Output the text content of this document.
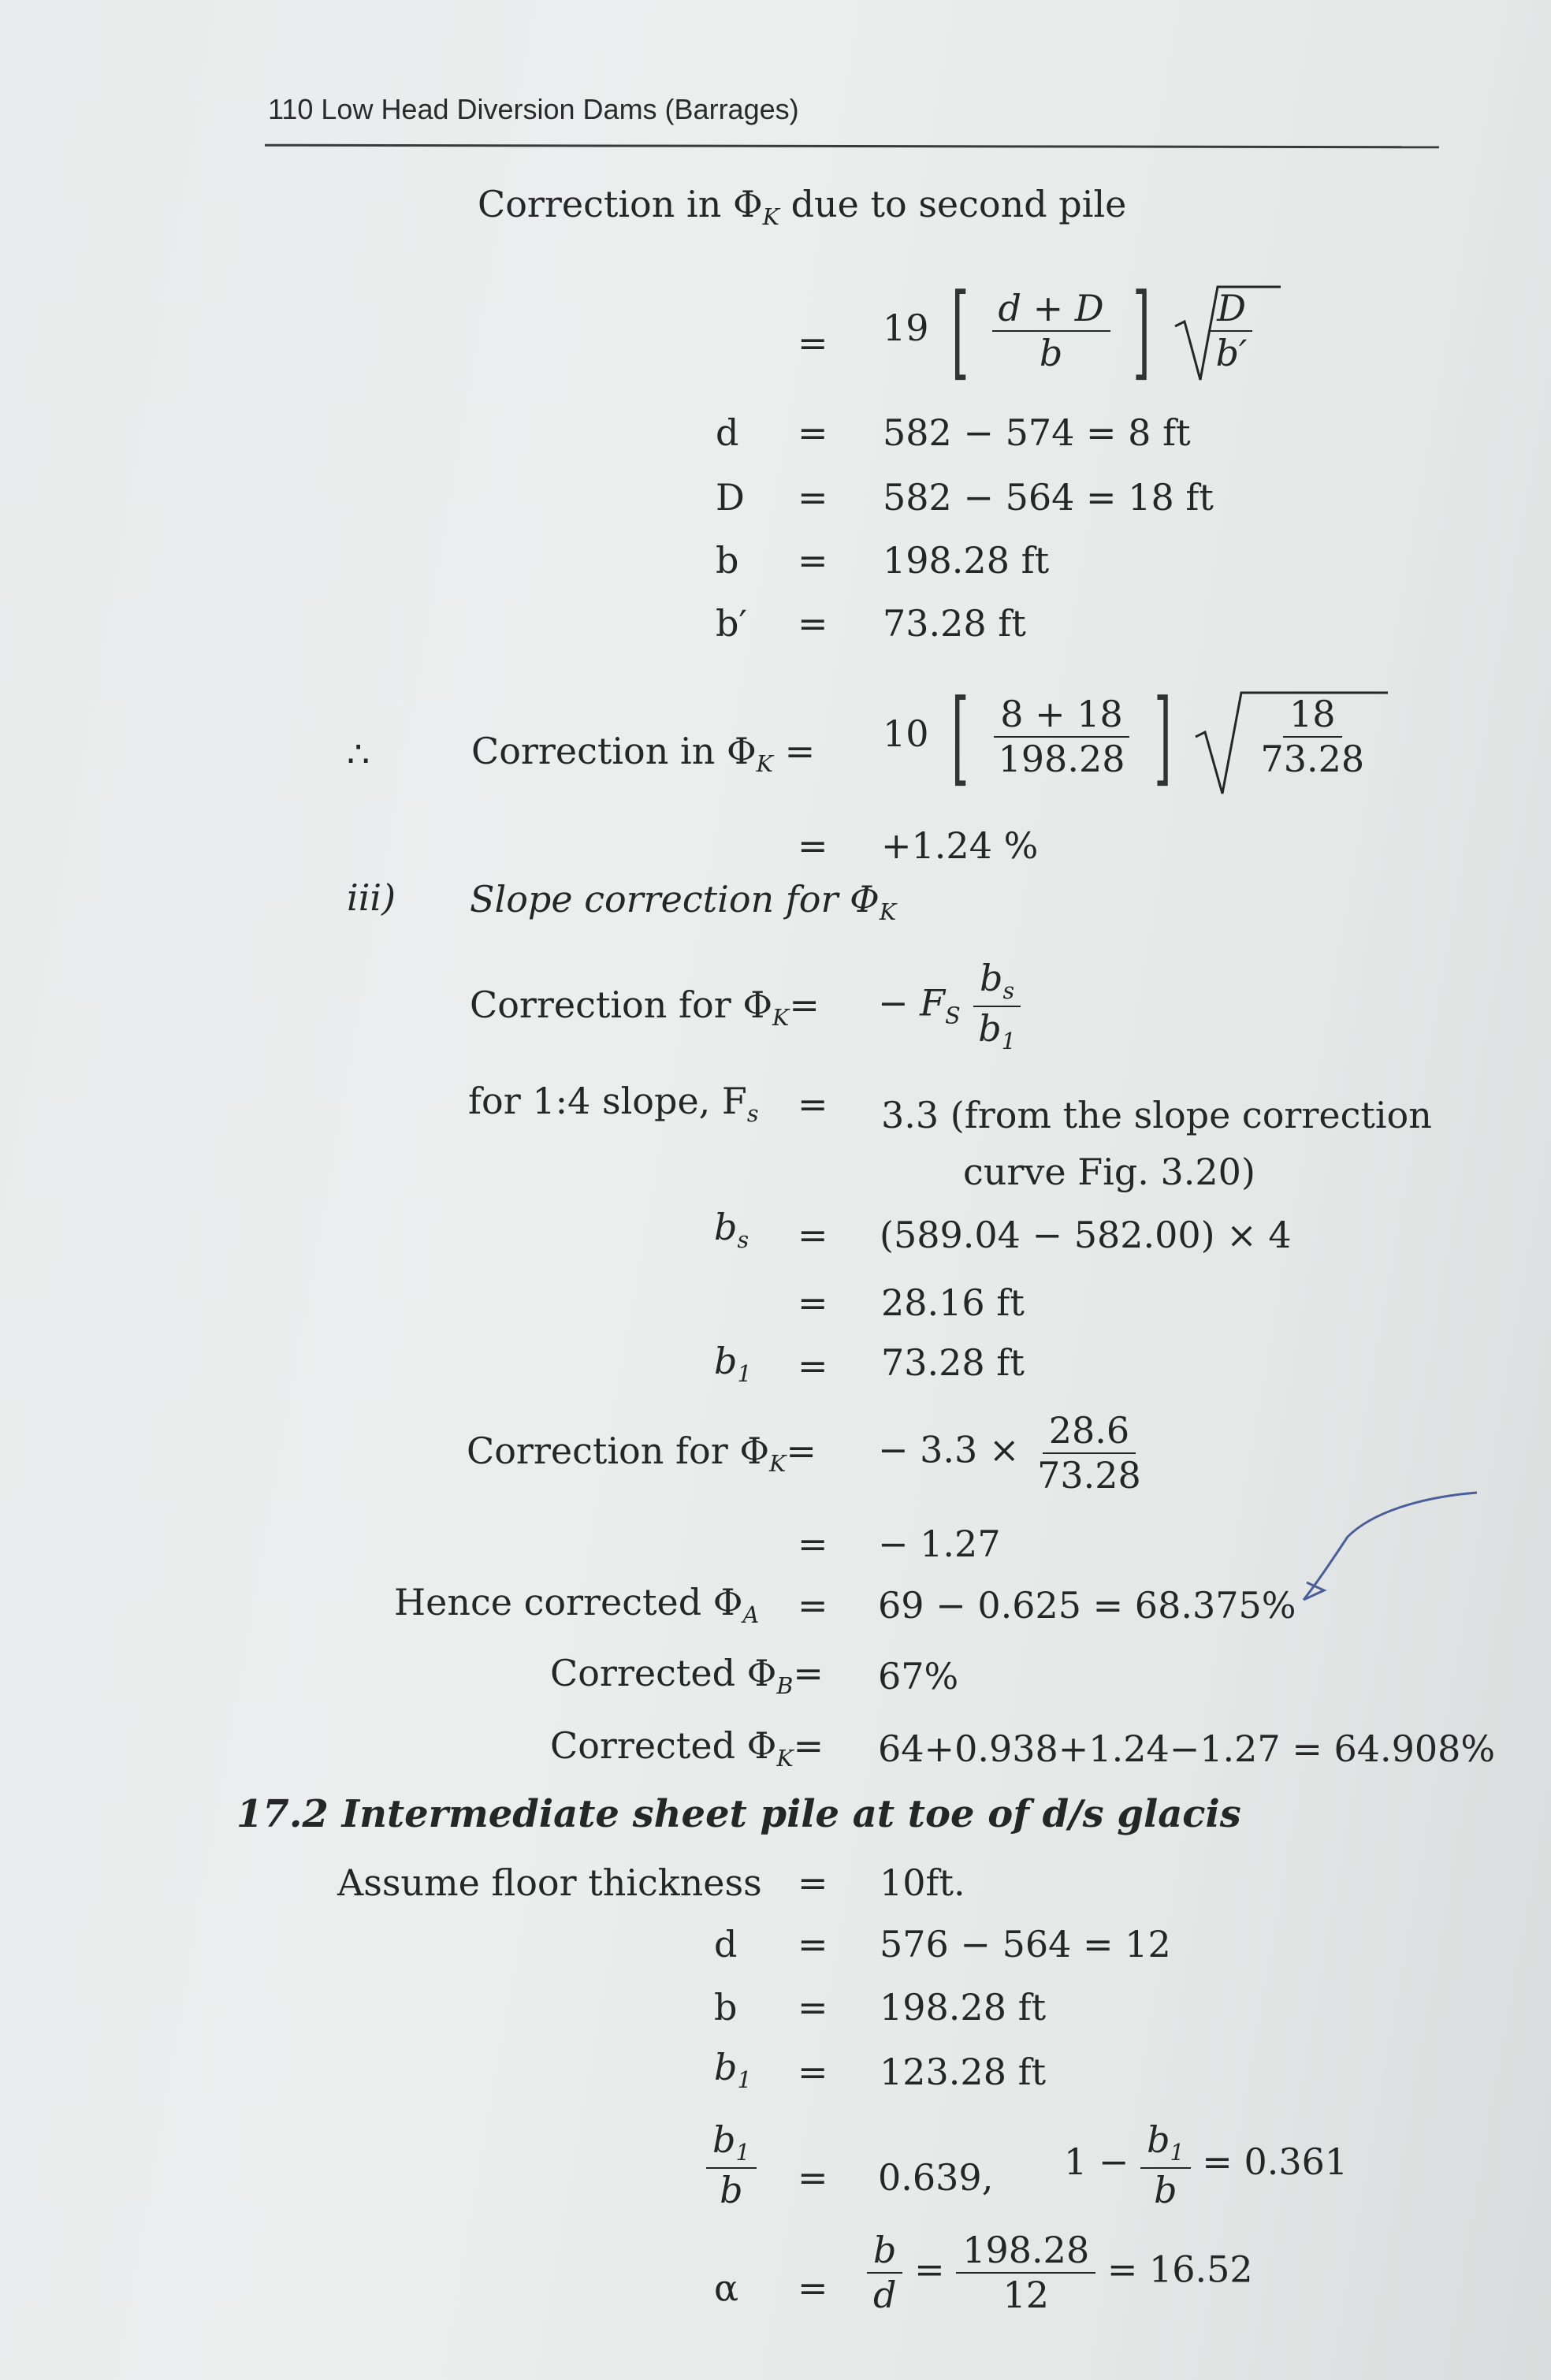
110 Low Head Diversion Dams (Barrages)
Correction in $\Phi_K$ due to second pile
= 19 [ $\frac{d + D}{b}$ ] $\frac{D}{b'}$
d = 582 − 574 = 8 ft
D = 582 − 564 = 18 ft
b = 198.28 ft
b′ = 73.28 ft
∴	Correction in $\Phi_K = 10$ [ $\frac{8 + 18}{198.28}$ ] $\frac{18}{73.28}$
= +1.24 %
iii) Slope correction for $\Phi_K$
Correction for $\Phi_K= - F_S \frac{b_s}{b_1}$
for 1:4 slope, $F_s = 3.3$ (from the slope correction
curve Fig. 3.20)
$b_s = (589.04 - 582.00) \times 4$
= 28.16 ft
$b_1 = 73.28$ ft
Correction for $\Phi_K= - 3.3 \times \frac{28.6}{73.28}$
= − 1.27
Hence corrected $\Phi_A = 69 - 0.625 = 68.375\%$
Corrected $\Phi_B= 67\%$
Corrected $\Phi_K= 64+0.938+1.24-1.27 = 64.908\%$
17.2 Intermediate sheet pile at toe of d/s glacis
Assume floor thickness = 10ft.
d = 576 − 564 = 12
b = 198.28 ft
$b_1 = 123.28$ ft
$\frac{b_1}{b} = 0.639$, $1 - \frac{b_1}{b} = 0.361$
$\alpha = \frac{b}{d} = \frac{198.28}{12} = 16.52$
